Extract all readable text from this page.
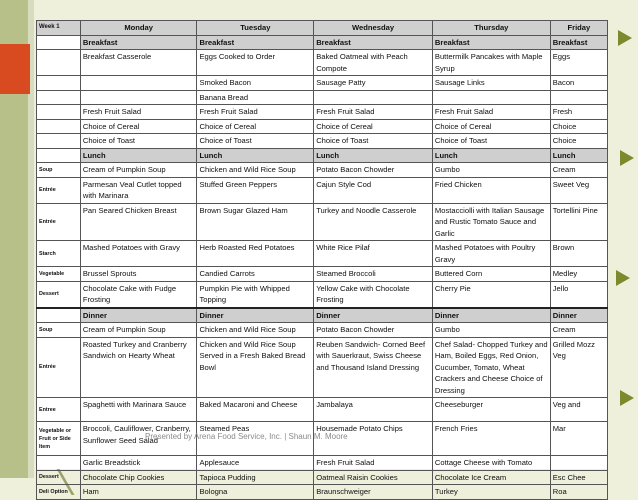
Week 1	Monday	Tuesday	Wednesday	Thursday	Friday
	Breakfast	Breakfast	Breakfast	Breakfast	Breakfast
	Breakfast Casserole	Eggs Cooked to Order	Baked Oatmeal with Peach Compote	Buttermilk Pancakes with Maple Syrup	Eggs
		Smoked Bacon	Sausage Patty	Sausage Links	Bacon
		Banana Bread			
	Fresh Fruit Salad	Fresh Fruit Salad	Fresh Fruit Salad	Fresh Fruit Salad	Fresh
	Choice of Cereal	Choice of Cereal	Choice of Cereal	Choice of Cereal	Choice
	Choice of Toast	Choice of Toast	Choice of Toast	Choice of Toast	Choice
	Lunch	Lunch	Lunch	Lunch	Lunch
Soup	Cream of Pumpkin Soup	Chicken and Wild Rice Soup	Potato Bacon Chowder	Gumbo	Cream
Entrée	Parmesan Veal Cutlet topped with Marinara	Stuffed Green Peppers	Cajun Style Cod	Fried Chicken	Sweet Veg
Entrée	Pan Seared Chicken Breast	Brown Sugar Glazed Ham	Turkey and Noodle Casserole	Mostacciolli with Italian Sausage and Rustic Tomato Sauce and Garlic	Tortellini Pine
Starch	Mashed Potatoes with Gravy	Herb Roasted Red Potatoes	White Rice Pilaf	Mashed Potatoes with Poultry Gravy	Brown
Vegetable	Brussel Sprouts	Candied Carrots	Steamed Broccoli	Buttered Corn	Medley
Dessert	Chocolate Cake with Fudge Frosting	Pumpkin Pie with Whipped Topping	Yellow Cake with Chocolate Frosting	Cherry Pie	Jello
	Dinner	Dinner	Dinner	Dinner	Dinner
Soup	Cream of Pumpkin Soup	Chicken and Wild Rice Soup	Potato Bacon Chowder	Gumbo	Cream
Entrée	Roasted Turkey and Cranberry Sandwich on Hearty Wheat	Chicken and Wild Rice Soup Served in a Fresh Baked Bread Bowl	Reuben Sandwich- Corned Beef with Sauerkraut, Swiss Cheese and Thousand Island Dressing	Chef Salad- Chopped Turkey and Ham, Boiled Eggs, Red Onion, Cucumber, Tomato, Wheat Crackers and Cheese Choice of Dressing	Grilled Mozz Veg
Entree	Spaghetti with Marinara Sauce	Baked Macaroni and Cheese	Jambalaya	Cheeseburger	Veg and
Vegetable or Fruit or Side Item	Broccoli, Cauliflower, Cranberry, Sunflower Seed Salad	Steamed Peas	Housemade Potato Chips	French Fries	Mar
	Garlic Breadstick	Applesauce	Fresh Fruit Salad	Cottage Cheese with Tomato	
Dessert	Chocolate Chip Cookies	Tapioca Pudding	Oatmeal Raisin Cookies	Chocolate Ice Cream	Esc Chee
Deli Option	Ham	Bologna	Braunschweiger	Turkey	Roa
Presented by Arena Food Service, Inc. | Shaun M. Moore
